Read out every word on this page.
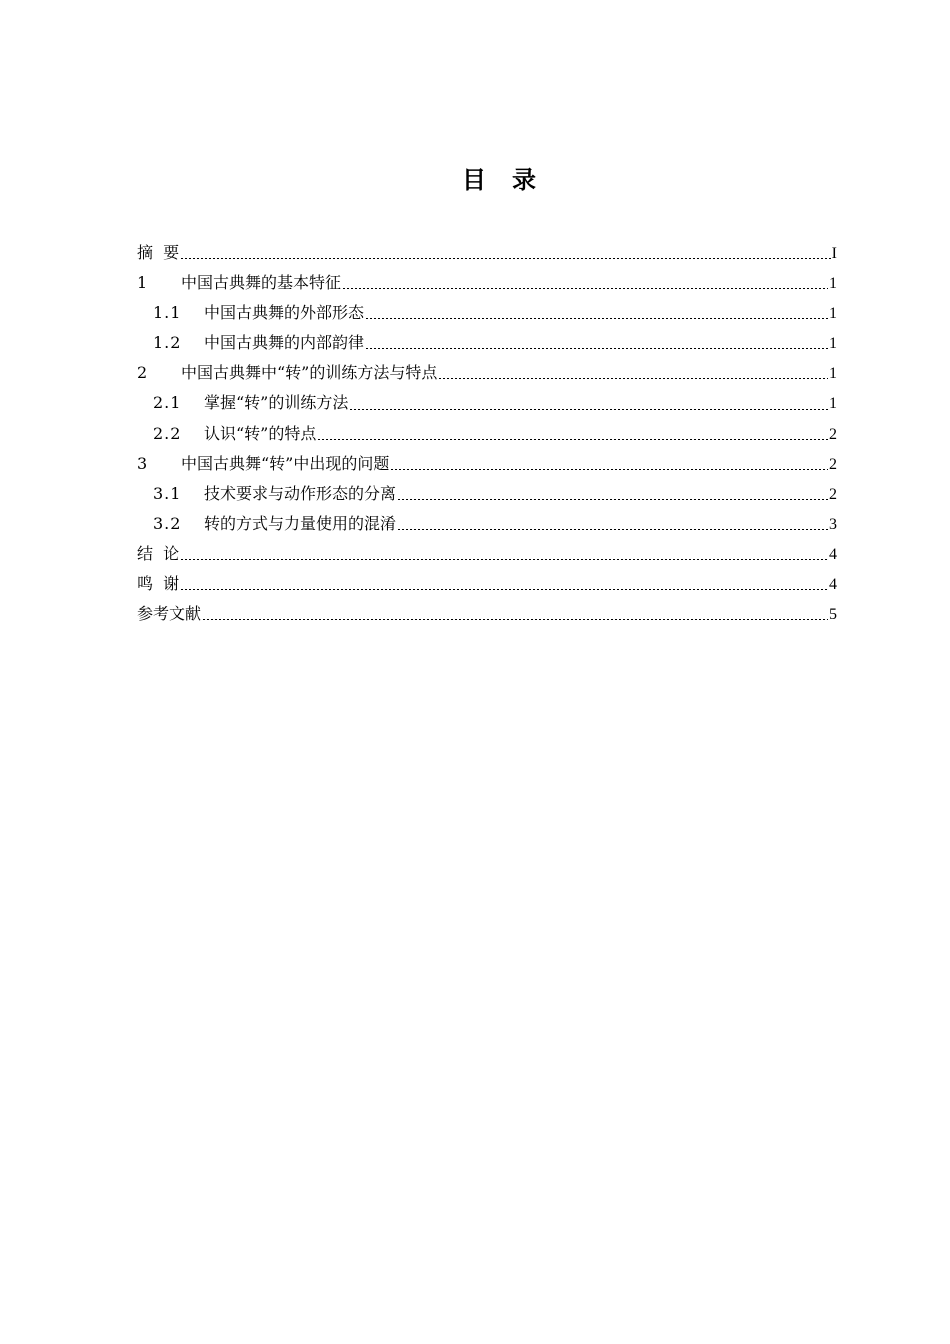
目 录
摘  要	I
1	中国古典舞的基本特征	1
1.1	中国古典舞的外部形态	1
1.2	中国古典舞的内部韵律	1
2	中国古典舞中“转”的训练方法与特点	1
2.1	掌握“转”的训练方法	1
2.2	认识“转”的特点	2
3	中国古典舞“转”中出现的问题	2
3.1	技术要求与动作形态的分离	2
3.2	转的方式与力量使用的混淆	3
结  论	4
鸣  谢	4
参考文献	5
